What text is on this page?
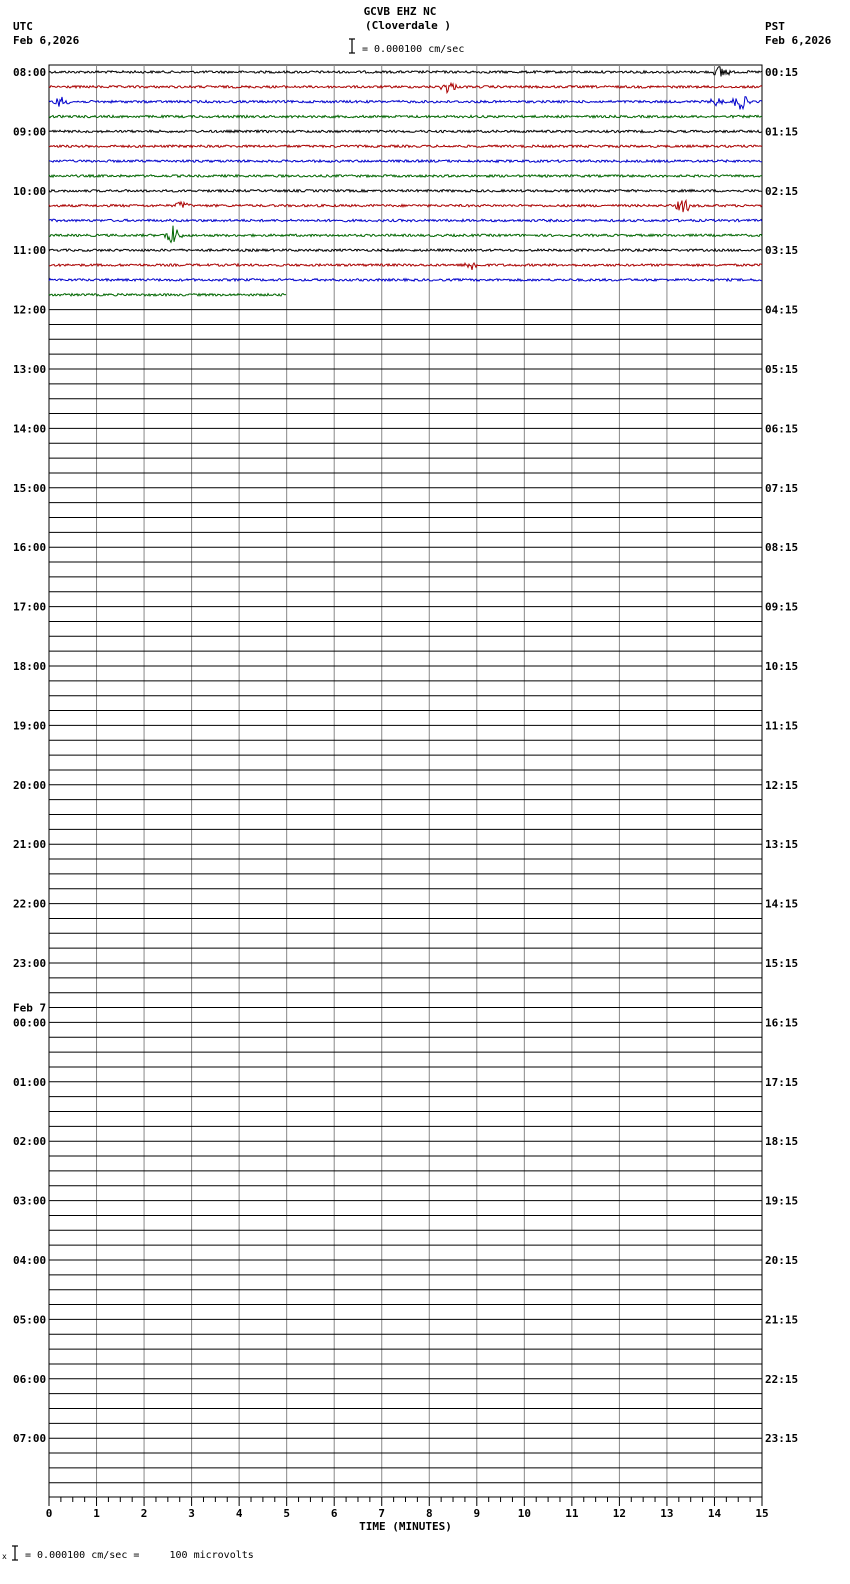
GCVB EHZ NC
(Cloverdale )
UTC
Feb 6,2026
PST
Feb 6,2026
= 0.000100 cm/sec
0	1	2	3	4	5	6	7	8	9	10	11	12	13	14	15
TIME (MINUTES)
08:00
09:00
10:00
11:00
12:00
13:00
14:00
15:00
16:00
17:00
18:00
19:00
20:00
21:00
22:00
23:00
00:00
01:00
02:00
03:00
04:00
05:00
06:00
07:00
00:15
01:15
02:15
03:15
04:15
05:15
06:15
07:15
08:15
09:15
10:15
11:15
12:15
13:15
14:15
15:15
16:15
17:15
18:15
19:15
20:15
21:15
22:15
23:15
Feb 7
x = 0.000100 cm/sec =     100 microvolts
